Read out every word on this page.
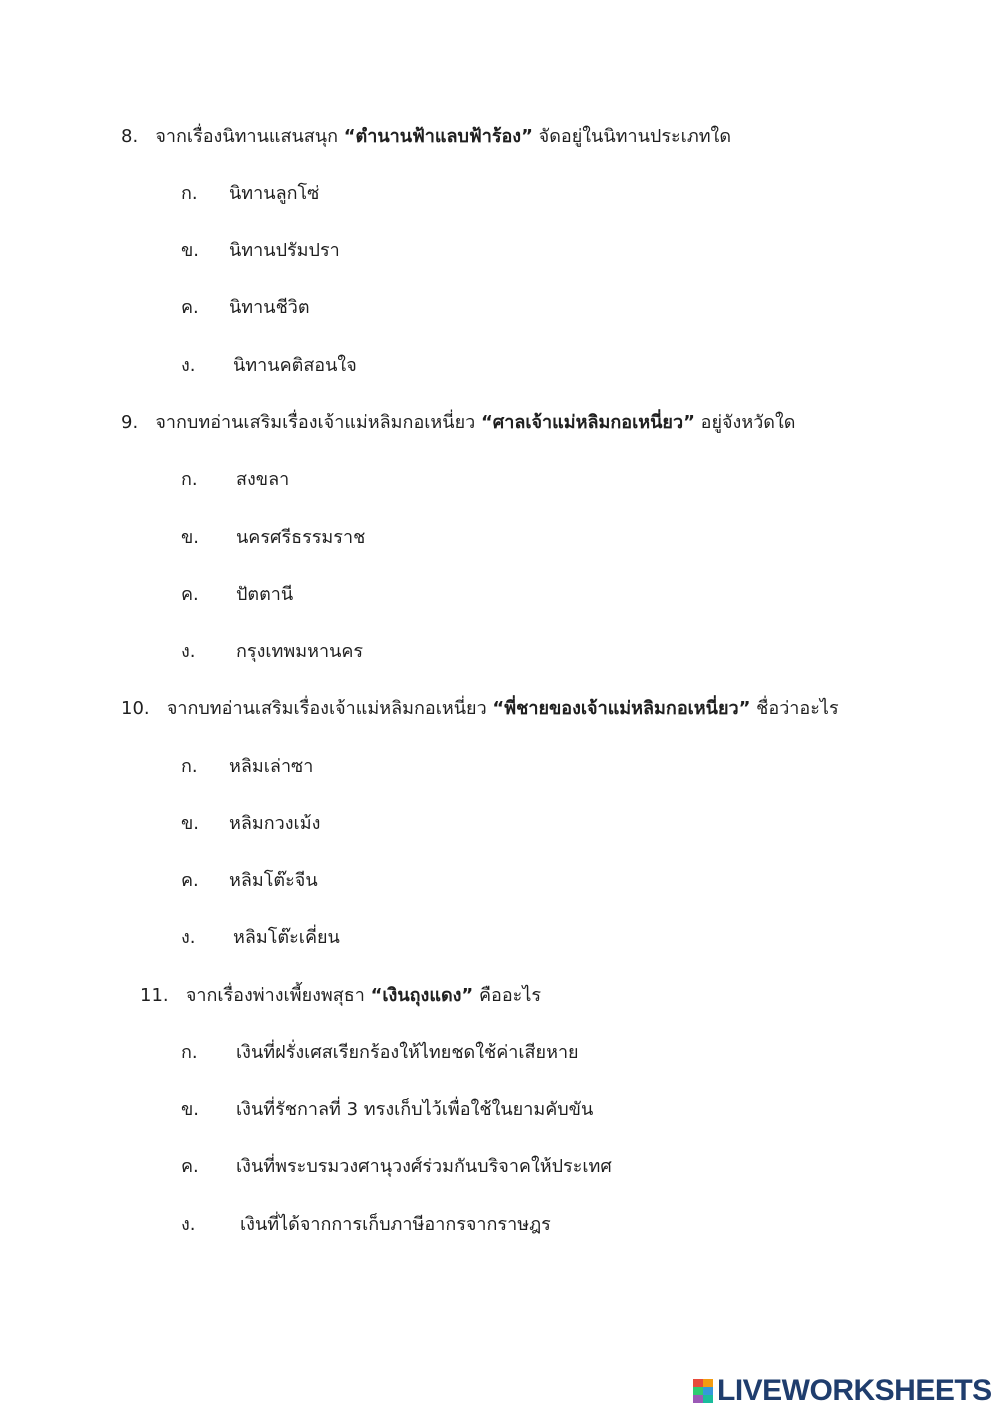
8. จากเรื่องนิทานแสนสนุก “ตำนานฟ้าแลบฟ้าร้อง” จัดอยู่ในนิทานประเภทใด
ก. นิทานลูกโซ่
ข. นิทานปรัมปรา
ค. นิทานชีวิต
ง. นิทานคติสอนใจ
9. จากบทอ่านเสริมเรื่องเจ้าแม่หลิมกอเหนี่ยว “ศาลเจ้าแม่หลิมกอเหนี่ยว” อยู่จังหวัดใด
ก. สงขลา
ข. นครศรีธรรมราช
ค. ปัตตานี
ง. กรุงเทพมหานคร
10. จากบทอ่านเสริมเรื่องเจ้าแม่หลิมกอเหนี่ยว “พี่ชายของเจ้าแม่หลิมกอเหนี่ยว” ชื่อว่าอะไร
ก. หลิมเล่าซา
ข. หลิมกวงเม้ง
ค. หลิมโต๊ะจีน
ง. หลิมโต๊ะเคี่ยน
11. จากเรื่องพ่างเพี้ยงพสุธา “เงินถุงแดง” คืออะไร
ก. เงินที่ฝรั่งเศสเรียกร้องให้ไทยชดใช้ค่าเสียหาย
ข. เงินที่รัชกาลที่ 3 ทรงเก็บไว้เพื่อใช้ในยามคับขัน
ค. เงินที่พระบรมวงศานุวงศ์ร่วมกันบริจาคให้ประเทศ
ง. เงินที่ได้จากการเก็บภาษีอากรจากราษฎร
LIVEWORKSHEETS
